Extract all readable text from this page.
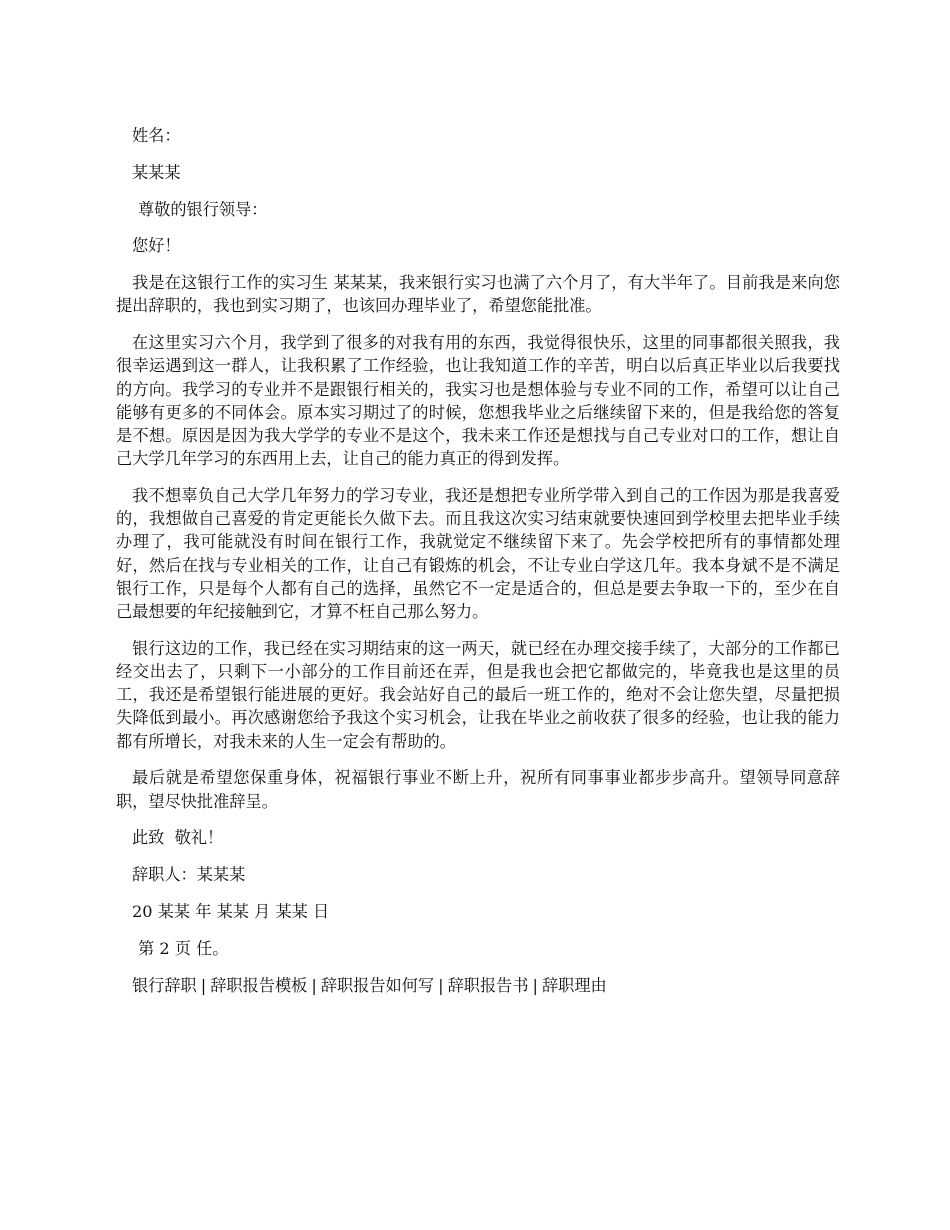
姓名：
某某某
尊敬的银行领导：
您好！

我是在这银行工作的实习生 某某某，我来银行实习也满了六个月了，有大半年了。目前我是来向您提出辞职的，我也到实习期了，也该回办理毕业了，希望您能批准。

在这里实习六个月，我学到了很多的对我有用的东西，我觉得很快乐，这里的同事都很关照我，我很幸运遇到这一群人，让我积累了工作经验，也让我知道工作的辛苦，明白以后真正毕业以后我要找的方向。我学习的专业并不是跟银行相关的，我实习也是想体验与专业不同的工作，希望可以让自己能够有更多的不同体会。原本实习期过了的时候，您想我毕业之后继续留下来的，但是我给您的答复是不想。原因是因为我大学学的专业不是这个，我未来工作还是想找与自己专业对口的工作，想让自己大学几年学习的东西用上去，让自己的能力真正的得到发挥。

我不想辜负自己大学几年努力的学习专业，我还是想把专业所学带入到自己的工作因为那是我喜爱的，我想做自己喜爱的肯定更能长久做下去。而且我这次实习结束就要快速回到学校里去把毕业手续办理了，我可能就没有时间在银行工作，我就觉定不继续留下来了。先会学校把所有的事情都处理好，然后在找与专业相关的工作，让自己有锻炼的机会，不让专业白学这几年。我本身斌不是不满足银行工作，只是每个人都有自己的选择，虽然它不一定是适合的，但总是要去争取一下的，至少在自己最想要的年纪接触到它，才算不枉自己那么努力。

银行这边的工作，我已经在实习期结束的这一两天，就已经在办理交接手续了，大部分的工作都已经交出去了，只剩下一小部分的工作目前还在弄，但是我也会把它都做完的，毕竟我也是这里的员工，我还是希望银行能进展的更好。我会站好自己的最后一班工作的，绝对不会让您失望，尽量把损失降低到最小。再次感谢您给予我这个实习机会，让我在毕业之前收获了很多的经验，也让我的能力都有所增长，对我未来的人生一定会有帮助的。

最后就是希望您保重身体，祝福银行事业不断上升，祝所有同事事业都步步高升。望领导同意辞职，望尽快批准辞呈。

此致  敬礼！
辞职人：某某某
20 某某 年 某某 月 某某 日
第 2 页 任。
银行辞职 | 辞职报告模板 | 辞职报告如何写 | 辞职报告书 | 辞职理由
